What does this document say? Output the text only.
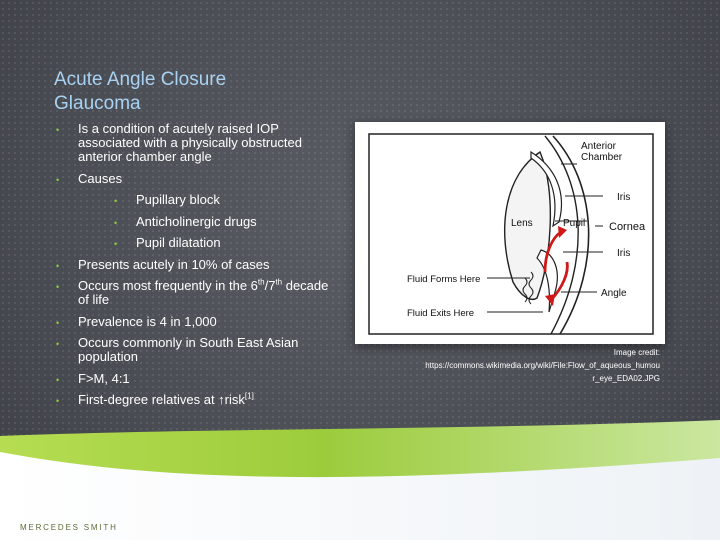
Acute Angle Closure
Glaucoma
• Is a condition of acutely raised IOP associated with a physically obstructed anterior chamber angle
• Causes
• Pupillary block
• Anticholinergic drugs
• Pupil dilatation
• Presents acutely in 10% of cases
• Occurs most frequently in the 6th/7th decade of life
• Prevalence is 4 in 1,000
• Occurs commonly in South East Asian population
• F>M, 4:1
• First-degree relatives at ↑risk[1]
Anterior
Chamber
Iris
Lens	Pupil Cornea
Iris
Fluid Forms Here
Angle
Fluid Exits Here
Image credit:
https://commons.wikimedia.org/wiki/File:Flow_of_aqueous_humou
r_eye_EDA02.JPG
MERCEDES SMITH
